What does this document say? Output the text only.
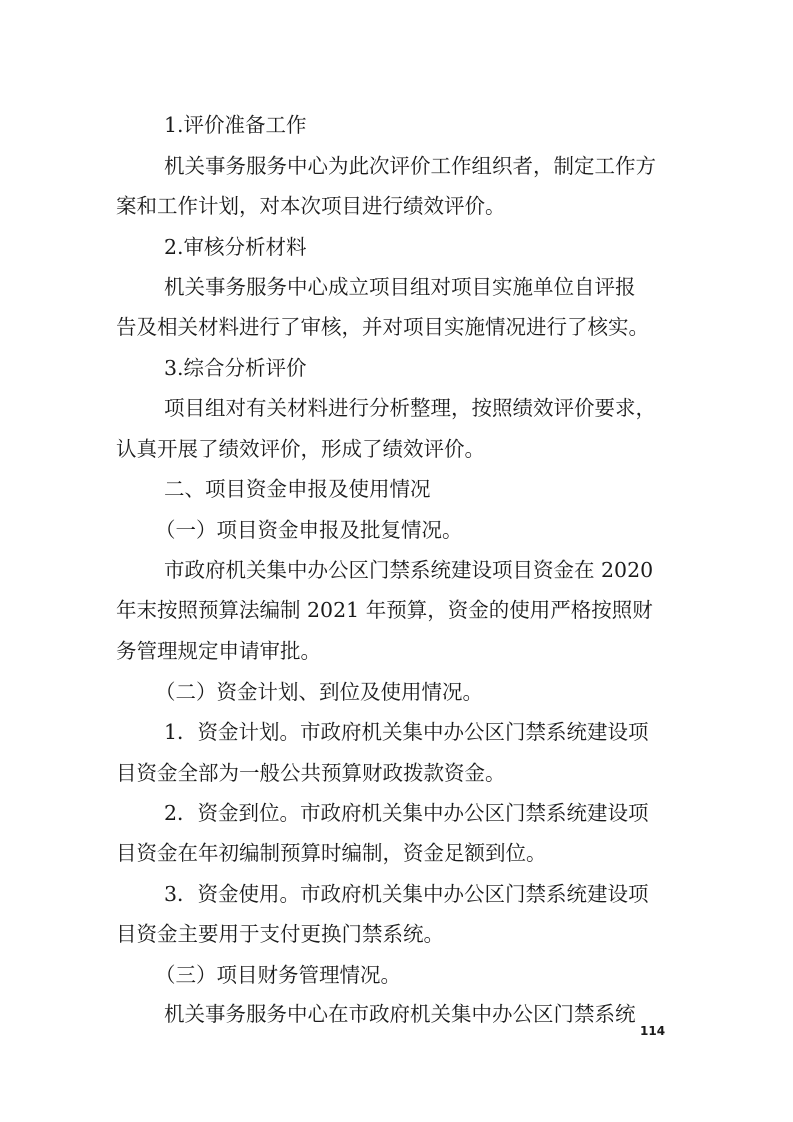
1.评价准备工作
机关事务服务中心为此次评价工作组织者，制定工作方
案和工作计划，对本次项目进行绩效评价。
2.审核分析材料
机关事务服务中心成立项目组对项目实施单位自评报
告及相关材料进行了审核，并对项目实施情况进行了核实。
3.综合分析评价
项目组对有关材料进行分析整理，按照绩效评价要求，
认真开展了绩效评价，形成了绩效评价。
二、项目资金申报及使用情况
（一）项目资金申报及批复情况。
市政府机关集中办公区门禁系统建设项目资金在 2020
年末按照预算法编制 2021 年预算，资金的使用严格按照财
务管理规定申请审批。
（二）资金计划、到位及使用情况。
1．资金计划。市政府机关集中办公区门禁系统建设项
目资金全部为一般公共预算财政拨款资金。
2．资金到位。市政府机关集中办公区门禁系统建设项
目资金在年初编制预算时编制，资金足额到位。
3．资金使用。市政府机关集中办公区门禁系统建设项
目资金主要用于支付更换门禁系统。
（三）项目财务管理情况。
机关事务服务中心在市政府机关集中办公区门禁系统
114
